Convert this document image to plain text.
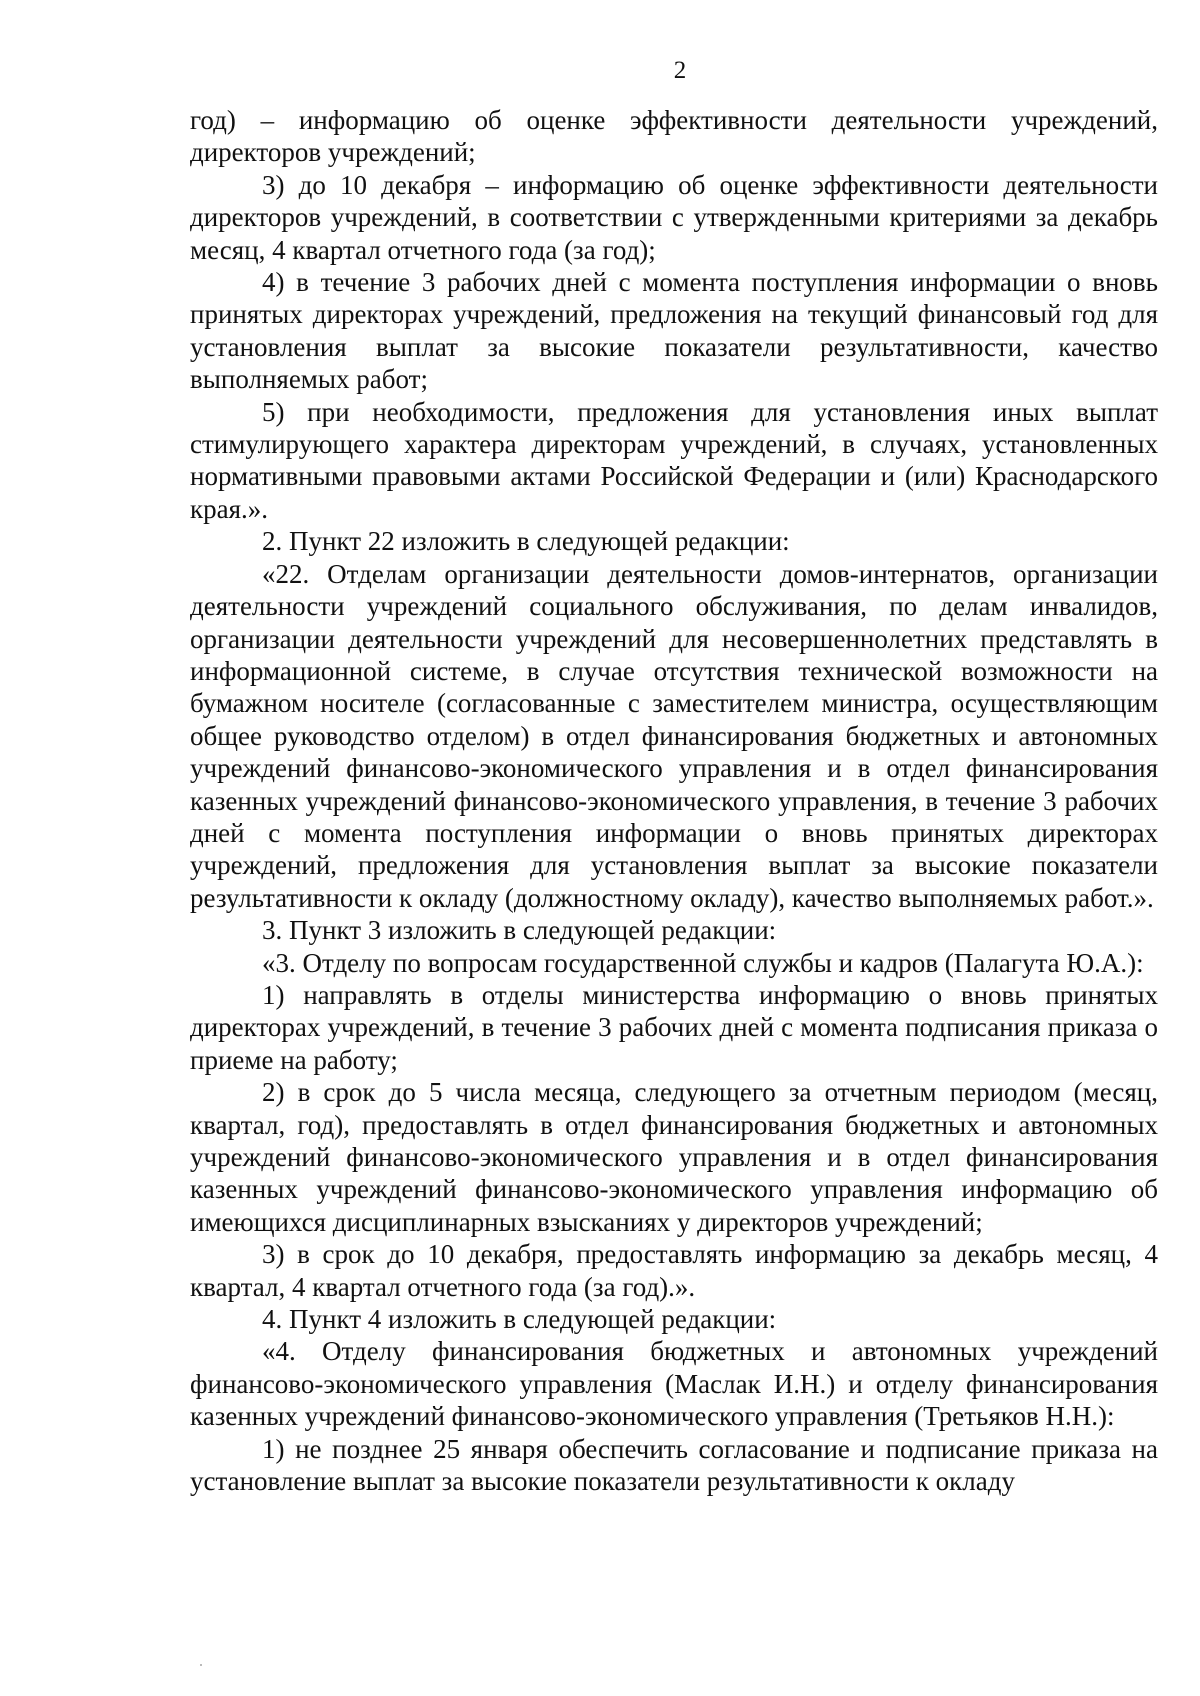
2

год) – информацию об оценке эффективности деятельности учреждений, директоров учреждений;

3) до 10 декабря – информацию об оценке эффективности деятельности директоров учреждений, в соответствии с утвержденными критериями за декабрь месяц, 4 квартал отчетного года (за год);

4) в течение 3 рабочих дней с момента поступления информации о вновь принятых директорах учреждений, предложения на текущий финансовый год для установления выплат за высокие показатели результативности, качество выполняемых работ;

5) при необходимости, предложения для установления иных выплат стимулирующего характера директорам учреждений, в случаях, установленных нормативными правовыми актами Российской Федерации и (или) Краснодарского края.».

2. Пункт 22 изложить в следующей редакции:

«22. Отделам организации деятельности домов-интернатов, организации деятельности учреждений социального обслуживания, по делам инвалидов, организации деятельности учреждений для несовершеннолетних представлять в информационной системе, в случае отсутствия технической возможности на бумажном носителе (согласованные с заместителем министра, осуществляющим общее руководство отделом) в отдел финансирования бюджетных и автономных учреждений финансово-экономического управления и в отдел финансирования казенных учреждений финансово-экономического управления, в течение 3 рабочих дней с момента поступления информации о вновь принятых директорах учреждений, предложения для установления выплат за высокие показатели результативности к окладу (должностному окладу), качество выполняемых работ.».

3. Пункт 3 изложить в следующей редакции:

«3. Отделу по вопросам государственной службы и кадров (Палагута Ю.А.):

1) направлять в отделы министерства информацию о вновь принятых директорах учреждений, в течение 3 рабочих дней с момента подписания приказа о приеме на работу;

2) в срок до 5 числа месяца, следующего за отчетным периодом (месяц, квартал, год), предоставлять в отдел финансирования бюджетных и автономных учреждений финансово-экономического управления и в отдел финансирования казенных учреждений финансово-экономического управления информацию об имеющихся дисциплинарных взысканиях у директоров учреждений;

3) в срок до 10 декабря, предоставлять информацию за декабрь месяц, 4 квартал, 4 квартал отчетного года (за год).».

4. Пункт 4 изложить в следующей редакции:

«4. Отделу финансирования бюджетных и автономных учреждений финансово-экономического управления (Маслак И.Н.) и отделу финансирования казенных учреждений финансово-экономического управления (Третьяков Н.Н.):

1) не позднее 25 января обеспечить согласование и подписание приказа на установление выплат за высокие показатели результативности к окладу
